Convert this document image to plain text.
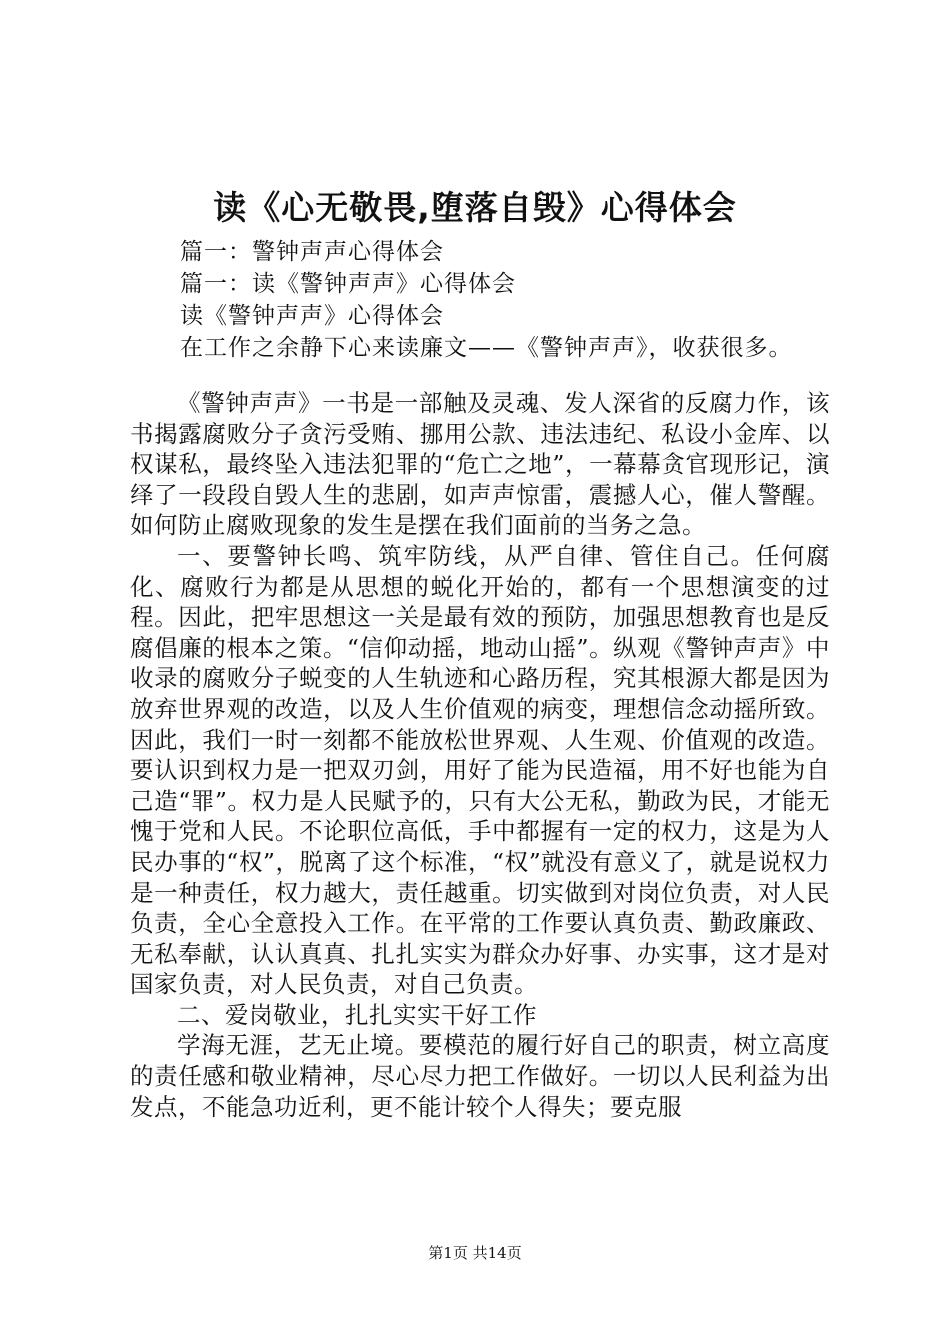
读《心无敬畏,堕落自毁》心得体会
篇一：警钟声声心得体会
篇一：读《警钟声声》心得体会
读《警钟声声》心得体会
在工作之余静下心来读廉文——《警钟声声》，收获很多。

《警钟声声》一书是一部触及灵魂、发人深省的反腐力作，该书揭露腐败分子贪污受贿、挪用公款、违法违纪、私设小金库、以权谋私，最终坠入违法犯罪的“危亡之地”，一幕幕贪官现形记，演绎了一段段自毁人生的悲剧，如声声惊雷，震撼人心，催人警醒。如何防止腐败现象的发生是摆在我们面前的当务之急。

一、要警钟长鸣、筑牢防线，从严自律、管住自己。任何腐化、腐败行为都是从思想的蜕化开始的，都有一个思想演变的过程。因此，把牢思想这一关是最有效的预防，加强思想教育也是反腐倡廉的根本之策。“信仰动摇，地动山摇”。纵观《警钟声声》中收录的腐败分子蜕变的人生轨迹和心路历程，究其根源大都是因为放弃世界观的改造，以及人生价值观的病变，理想信念动摇所致。因此，我们一时一刻都不能放松世界观、人生观、价值观的改造。要认识到权力是一把双刃剑，用好了能为民造福，用不好也能为自己造“罪”。权力是人民赋予的，只有大公无私，勤政为民，才能无愧于党和人民。不论职位高低，手中都握有一定的权力，这是为人民办事的“权”，脱离了这个标准，“权”就没有意义了，就是说权力是一种责任，权力越大，责任越重。切实做到对岗位负责，对人民负责，全心全意投入工作。在平常的工作要认真负责、勤政廉政、无私奉献，认认真真、扎扎实实为群众办好事、办实事，这才是对国家负责，对人民负责，对自己负责。

二、爱岗敬业，扎扎实实干好工作

学海无涯，艺无止境。要模范的履行好自己的职责，树立高度的责任感和敬业精神，尽心尽力把工作做好。一切以人民利益为出发点，不能急功近利，更不能计较个人得失；要克服

第1页 共14页
